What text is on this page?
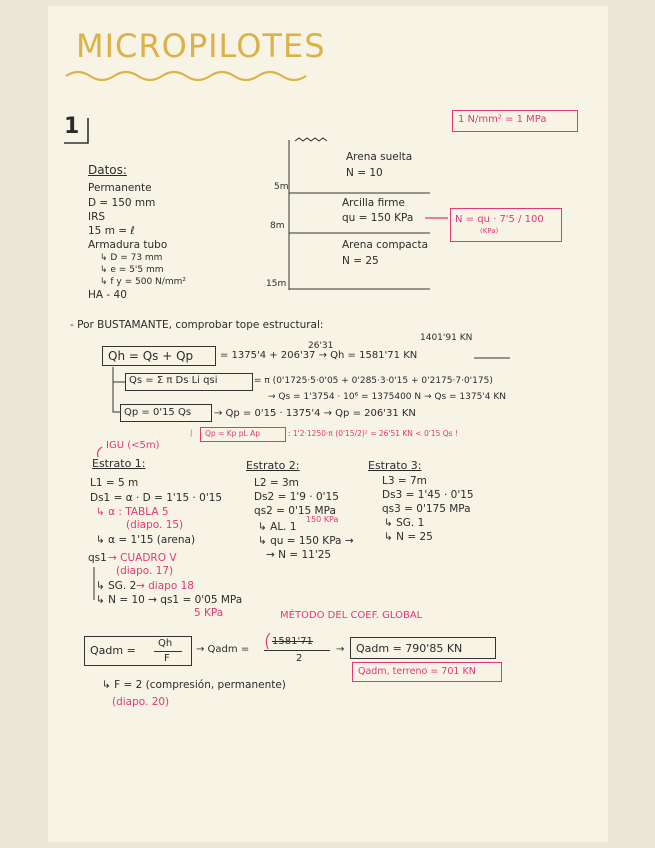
MICROPILOTES
1	1 N/mm² = 1 MPa
Datos:
Permanente
D = 150 mm
IRS
15 m = ℓ
Armadura tubo
↳ D = 73 mm
↳ e = 5'5 mm
↳ f y = 500 N/mm²
HA - 40
Arena suelta
N = 10
5m
Arcilla firme
qu = 150 KPa
8m
Arena compacta
N = 25
15m
N = qu · 7'5 / 100
(KPa)
- Por BUSTAMANTE, comprobar tope estructural:
26'31
1401'91 KN
Qh = Qs + Qp	= 1375'4 + 206'37 → Qh = 1581'71 KN
Qs = Σ π Ds Li qsi	= π (0'1725·5·0'05 + 0'285·3·0'15 + 0'2175·7·0'175)
→ Qs = 1'3754 · 10⁶ = 1375400 N → Qs = 1375'4 KN
Qp = 0'15 Qs → Qp = 0'15 · 1375'4 → Qp = 206'31 KN
| Qp = Kp pL Ap	: 1'2·1250·π (0'15/2)² = 26'51 KN < 0'15 Qs !
IGU (<5m)
Estrato 1:
L1 = 5 m
Ds1 = α · D = 1'15 · 0'15
↳ α : TABLA 5
(diapo. 15)
↳ α = 1'15 (arena)
qs1 → CUADRO V
(diapo. 17)
↳ SG. 2 → diapo 18
↳ N = 10 → qs1 = 0'05 MPa
5 KPa
Estrato 2:
L2 = 3m
Ds2 = 1'9 · 0'15
qs2 = 0'15 MPa
150 KPa
↳ AL. 1
↳ qu = 150 KPa →
→ N = 11'25
Estrato 3:
L3 = 7m
Ds3 = 1'45 · 0'15
qs3 = 0'175 MPa
↳ SG. 1
↳ N = 25
MÉTODO DEL COEF. GLOBAL
Qadm =
Qh
F
→ Qadm =
1581'71
2
→ Qadm = 790'85 KN
Qadm, terreno = 701 KN
↳ F = 2 (compresión, permanente)
(diapo. 20)
